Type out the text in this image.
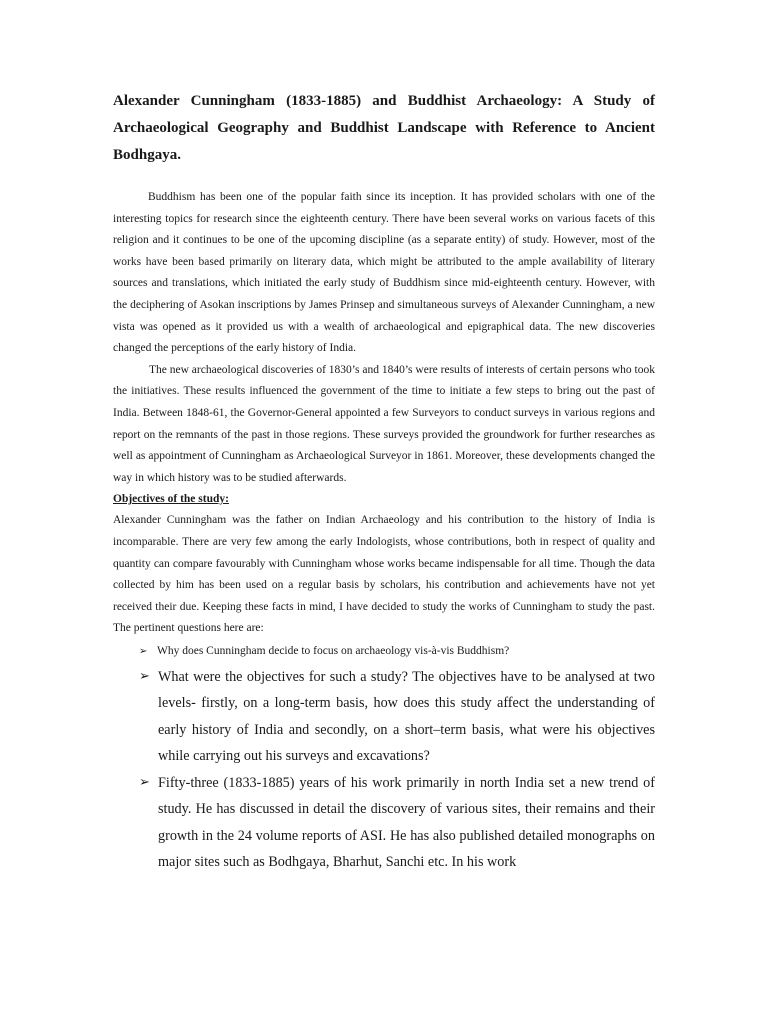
Alexander Cunningham (1833-1885) and Buddhist Archaeology: A Study of Archaeological Geography and Buddhist Landscape with Reference to Ancient Bodhgaya.

Buddhism has been one of the popular faith since its inception. It has provided scholars with one of the interesting topics for research since the eighteenth century. There have been several works on various facets of this religion and it continues to be one of the upcoming discipline (as a separate entity) of study. However, most of the works have been based primarily on literary data, which might be attributed to the ample availability of literary sources and translations, which initiated the early study of Buddhism since mid-eighteenth century. However, with the deciphering of Asokan inscriptions by James Prinsep and simultaneous surveys of Alexander Cunningham, a new vista was opened as it provided us with a wealth of archaeological and epigraphical data. The new discoveries changed the perceptions of the early history of India.

The new archaeological discoveries of 1830’s and 1840’s were results of interests of certain persons who took the initiatives. These results influenced the government of the time to initiate a few steps to bring out the past of India. Between 1848-61, the Governor-General appointed a few Surveyors to conduct surveys in various regions and report on the remnants of the past in those regions. These surveys provided the groundwork for further researches as well as appointment of Cunningham as Archaeological Surveyor in 1861. Moreover, these developments changed the way in which history was to be studied afterwards.

Objectives of the study:

Alexander Cunningham was the father on Indian Archaeology and his contribution to the history of India is incomparable. There are very few among the early Indologists, whose contributions, both in respect of quality and quantity can compare favourably with Cunningham whose works became indispensable for all time. Though the data collected by him has been used on a regular basis by scholars, his contribution and achievements have not yet received their due. Keeping these facts in mind, I have decided to study the works of Cunningham to study the past. The pertinent questions here are:

➢ Why does Cunningham decide to focus on archaeology vis-à-vis Buddhism?
➢ What were the objectives for such a study? The objectives have to be analysed at two levels- firstly, on a long-term basis, how does this study affect the understanding of early history of India and secondly, on a short–term basis, what were his objectives while carrying out his surveys and excavations?
➢ Fifty-three (1833-1885) years of his work primarily in north India set a new trend of study. He has discussed in detail the discovery of various sites, their remains and their growth in the 24 volume reports of ASI. He has also published detailed monographs on major sites such as Bodhgaya, Bharhut, Sanchi etc. In his work
